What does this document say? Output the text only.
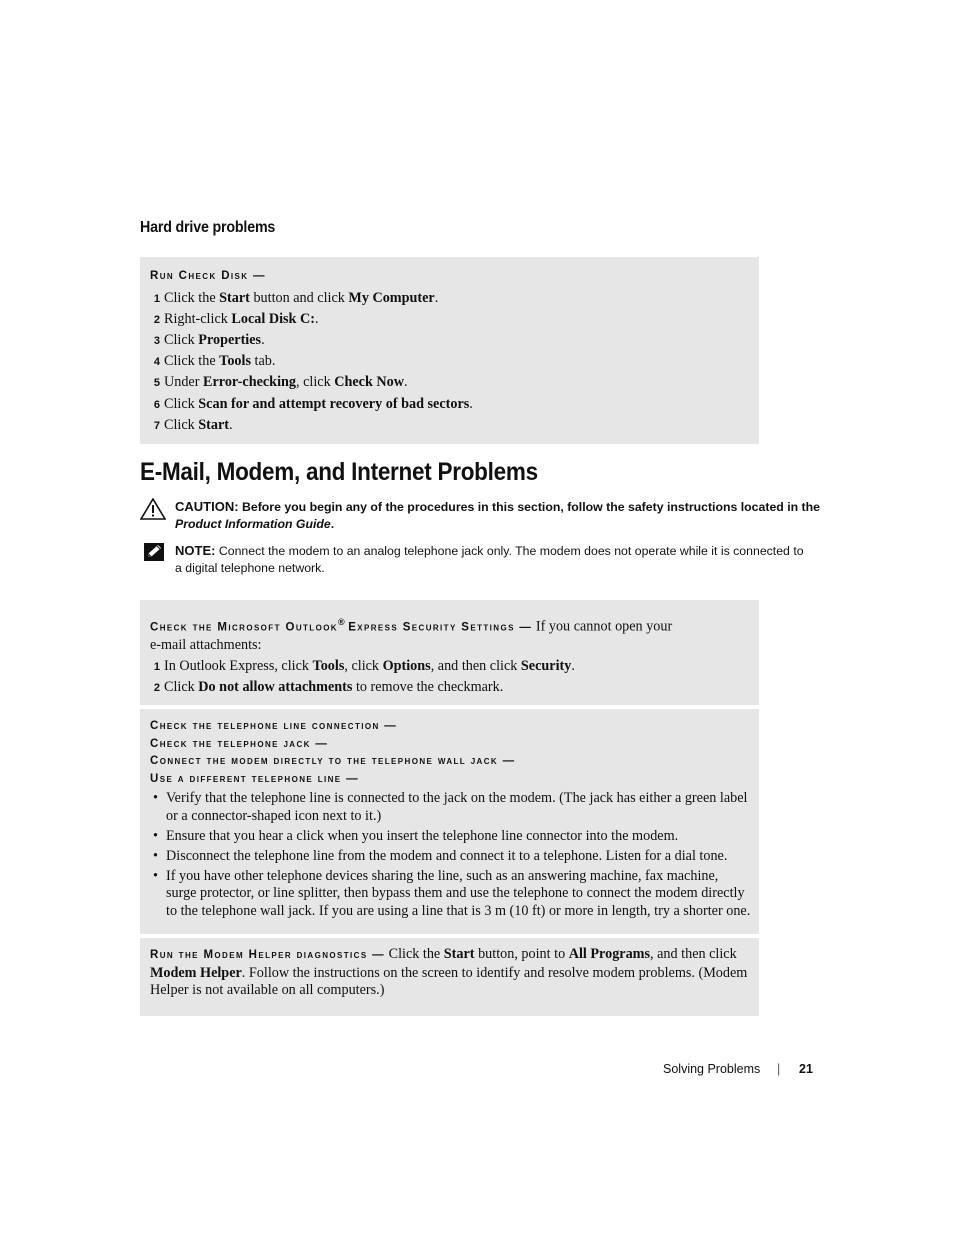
Hard drive problems
Run Check Disk —
1 Click the Start button and click My Computer.
2 Right-click Local Disk C:.
3 Click Properties.
4 Click the Tools tab.
5 Under Error-checking, click Check Now.
6 Click Scan for and attempt recovery of bad sectors.
7 Click Start.
E-Mail, Modem, and Internet Problems
CAUTION: Before you begin any of the procedures in this section, follow the safety instructions located in the
Product Information Guide.
NOTE: Connect the modem to an analog telephone jack only. The modem does not operate while it is connected to
a digital telephone network.
Check the Microsoft Outlook® Express Security Settings — If you cannot open your
e-mail attachments:
1 In Outlook Express, click Tools, click Options, and then click Security.
2 Click Do not allow attachments to remove the checkmark.
Check the telephone line connection —
Check the telephone jack —
Connect the modem directly to the telephone wall jack —
Use a different telephone line —
• Verify that the telephone line is connected to the jack on the modem. (The jack has either a green label or a connector-shaped icon next to it.)
• Ensure that you hear a click when you insert the telephone line connector into the modem.
• Disconnect the telephone line from the modem and connect it to a telephone. Listen for a dial tone.
• If you have other telephone devices sharing the line, such as an answering machine, fax machine, surge protector, or line splitter, then bypass them and use the telephone to connect the modem directly to the telephone wall jack. If you are using a line that is 3 m (10 ft) or more in length, try a shorter one.
Run the Modem Helper diagnostics — Click the Start button, point to All Programs, and then click Modem Helper. Follow the instructions on the screen to identify and resolve modem problems. (Modem Helper is not available on all computers.)
Solving Problems | 21
